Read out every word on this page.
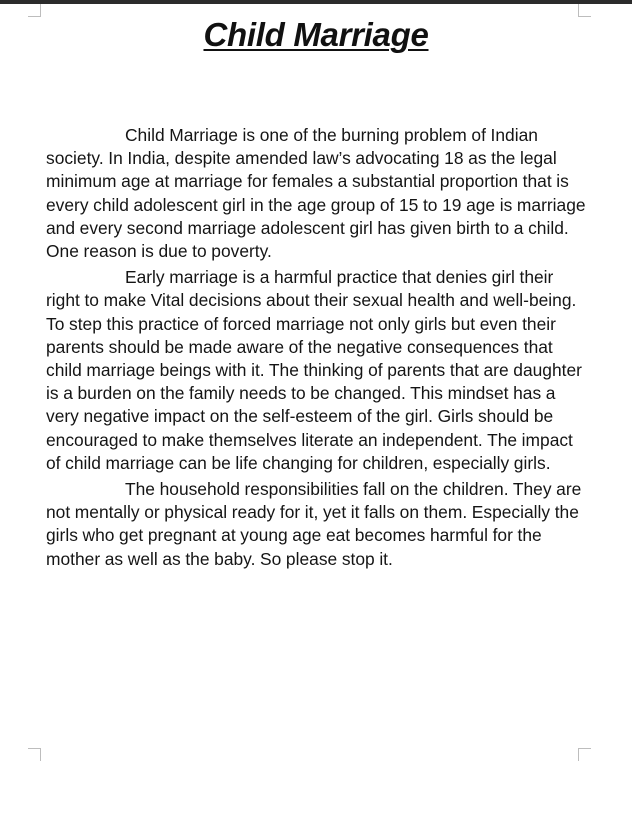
Child Marriage

Child Marriage is one of the burning problem of Indian society. In India, despite amended law’s advocating 18 as the legal minimum age at marriage for females a substantial proportion that is every child adolescent girl in the age group of 15 to 19 age is marriage and every second marriage adolescent girl has given birth to a child. One reason is due to poverty.

Early marriage is a harmful practice that denies girl their right to make Vital decisions about their sexual health and well-being. To step this practice of forced marriage not only girls but even their parents should be made aware of the negative consequences that child marriage beings with it. The thinking of parents that are daughter is a burden on the family needs to be changed. This mindset has a very negative impact on the self-esteem of the girl. Girls should be encouraged to make themselves literate an independent. The impact of child marriage can be life changing for children, especially girls.

The household responsibilities fall on the children. They are not mentally or physical ready for it, yet it falls on them. Especially the girls who get pregnant at young age eat becomes harmful for the mother as well as the baby. So please stop it.
